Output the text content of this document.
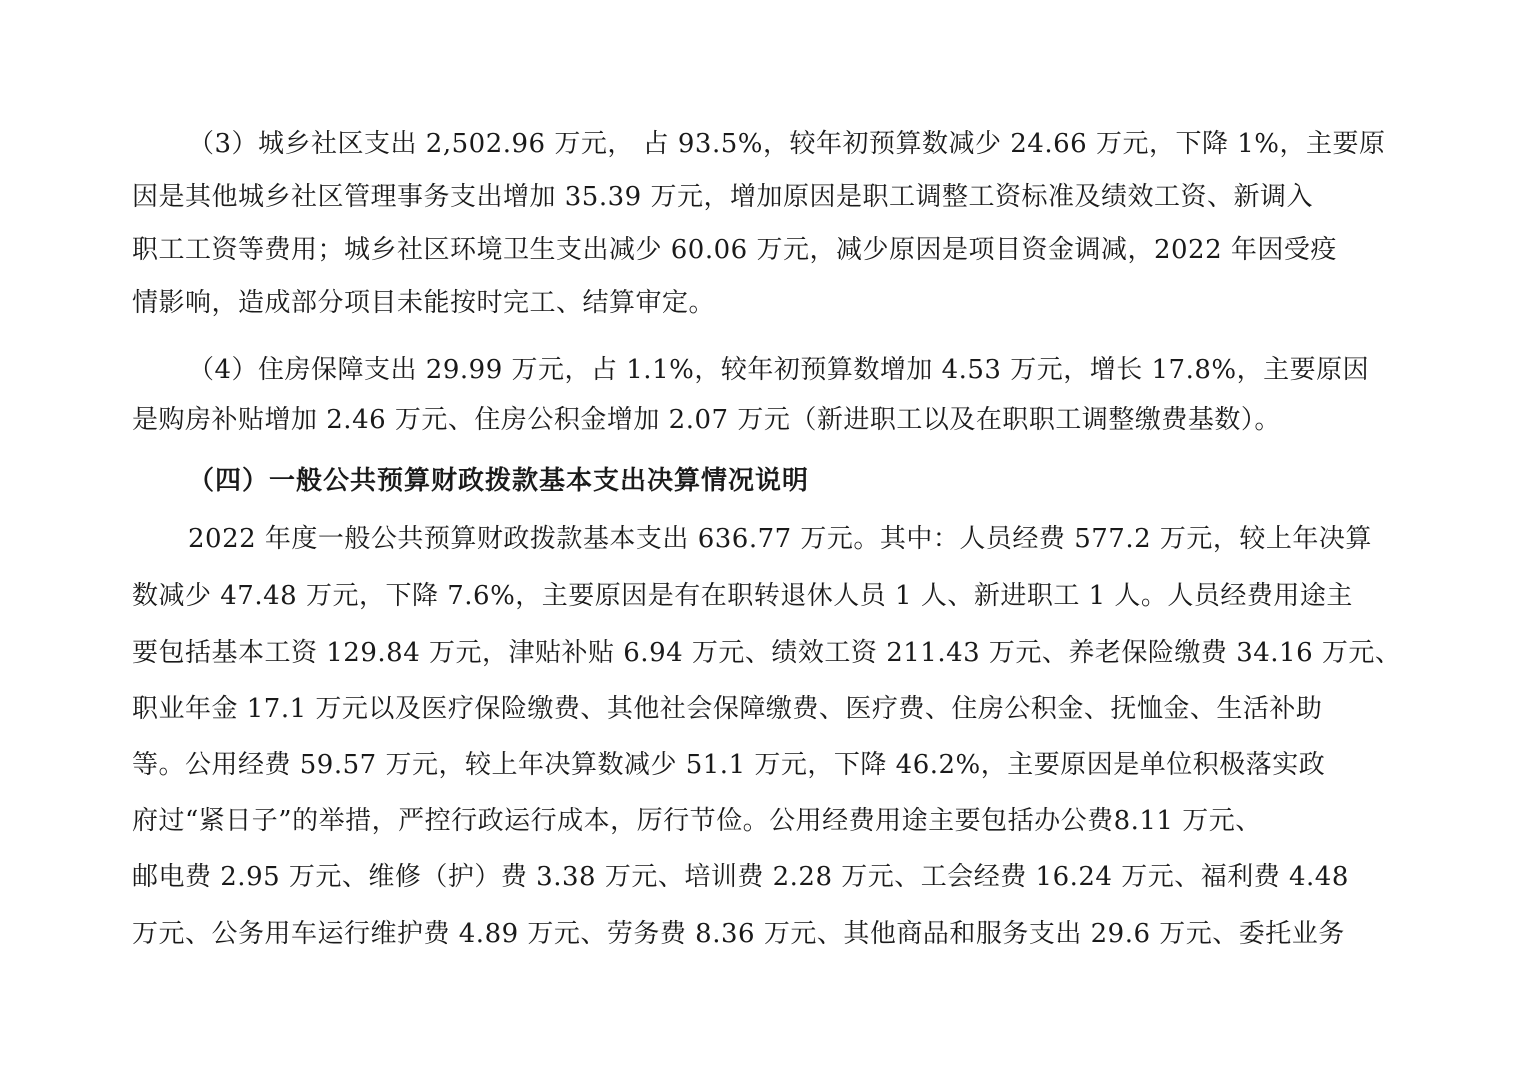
（3）城乡社区支出 2,502.96 万元， 占 93.5%，较年初预算数减少 24.66 万元，下降 1%，主要原
因是其他城乡社区管理事务支出增加 35.39 万元，增加原因是职工调整工资标准及绩效工资、新调入
职工工资等费用；城乡社区环境卫生支出减少 60.06 万元，减少原因是项目资金调减，2022 年因受疫
情影响，造成部分项目未能按时完工、结算审定。
（4）住房保障支出 29.99 万元，占 1.1%，较年初预算数增加 4.53 万元，增长 17.8%，主要原因
是购房补贴增加 2.46 万元、住房公积金增加 2.07 万元（新进职工以及在职职工调整缴费基数）。
（四）一般公共预算财政拨款基本支出决算情况说明
2022 年度一般公共预算财政拨款基本支出 636.77 万元。其中：人员经费 577.2 万元，较上年决算
数减少 47.48 万元，下降 7.6%，主要原因是有在职转退休人员 1 人、新进职工 1 人。人员经费用途主
要包括基本工资 129.84 万元，津贴补贴 6.94 万元、绩效工资 211.43 万元、养老保险缴费 34.16 万元、
职业年金 17.1 万元以及医疗保险缴费、其他社会保障缴费、医疗费、住房公积金、抚恤金、生活补助
等。公用经费 59.57 万元，较上年决算数减少 51.1 万元，下降 46.2%，主要原因是单位积极落实政
府过“紧日子”的举措，严控行政运行成本，厉行节俭。公用经费用途主要包括办公费8.11 万元、
邮电费 2.95 万元、维修（护）费 3.38 万元、培训费 2.28 万元、工会经费 16.24 万元、福利费 4.48
万元、公务用车运行维护费 4.89 万元、劳务费 8.36 万元、其他商品和服务支出 29.6 万元、委托业务
